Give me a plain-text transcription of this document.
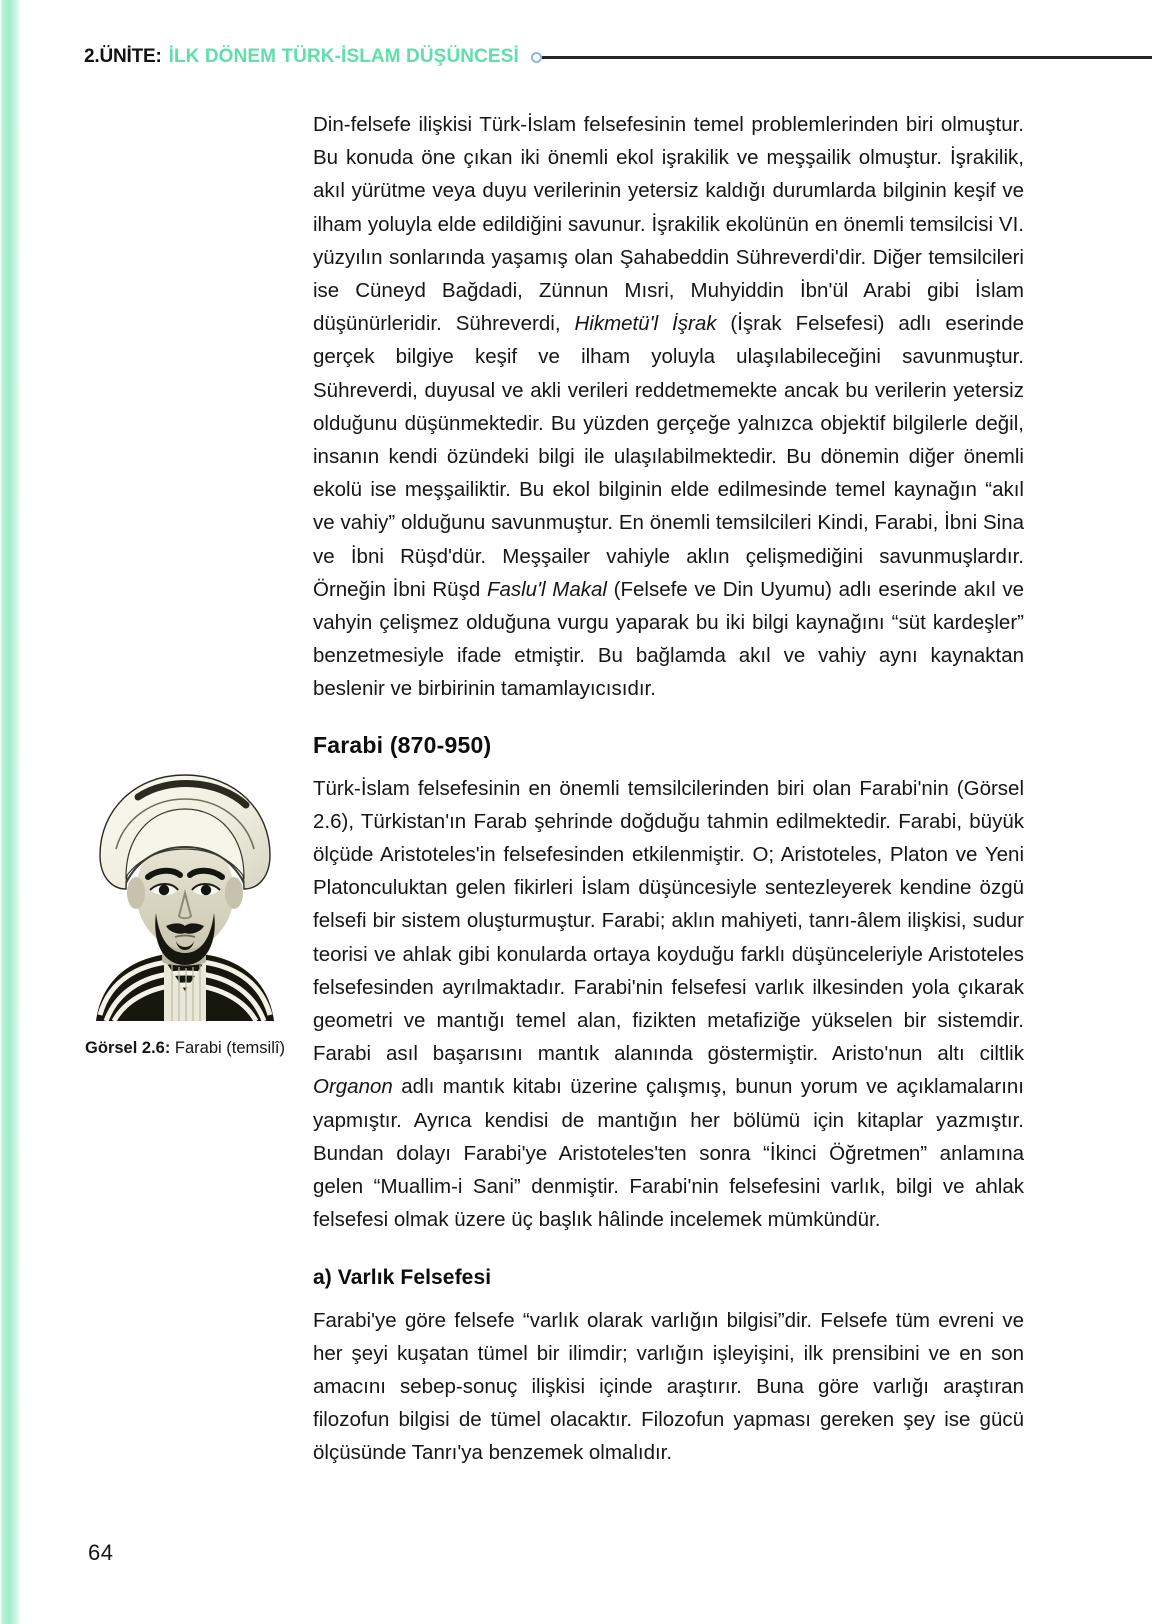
2.ÜNİTE: İLK DÖNEM TÜRK-İSLAM DÜŞÜNCESİ
Görsel 2.6: Farabi (temsilî)

Din-felsefe ilişkisi Türk-İslam felsefesinin temel problemlerinden biri olmuştur. Bu konuda öne çıkan iki önemli ekol işrakilik ve meşşailik olmuştur. İşrakilik, akıl yürütme veya duyu verilerinin yetersiz kaldığı durumlarda bilginin keşif ve ilham yoluyla elde edildiğini savunur. İşrakilik ekolünün en önemli temsilcisi VI. yüzyılın sonlarında yaşamış olan Şahabeddin Sühreverdi'dir. Diğer temsilcileri ise Cüneyd Bağdadi, Zünnun Mısri, Muhyiddin İbn'ül Arabi gibi İslam düşünürleridir. Sühreverdi, Hikmetü'l İşrak (İşrak Felsefesi) adlı eserinde gerçek bilgiye keşif ve ilham yoluyla ulaşılabileceğini savunmuştur. Sühreverdi, duyusal ve akli verileri reddetmemekte ancak bu verilerin yetersiz olduğunu düşünmektedir. Bu yüzden gerçeğe yalnızca objektif bilgilerle değil, insanın kendi özündeki bilgi ile ulaşılabilmektedir. Bu dönemin diğer önemli ekolü ise meşşailiktir. Bu ekol bilginin elde edilmesinde temel kaynağın “akıl ve vahiy” olduğunu savunmuştur. En önemli temsilcileri Kindi, Farabi, İbni Sina ve İbni Rüşd'dür. Meşşailer vahiyle aklın çelişmediğini savunmuşlardır. Örneğin İbni Rüşd Faslu'l Makal (Felsefe ve Din Uyumu) adlı eserinde akıl ve vahyin çelişmez olduğuna vurgu yaparak bu iki bilgi kaynağını “süt kardeşler” benzetmesiyle ifade etmiştir. Bu bağlamda akıl ve vahiy aynı kaynaktan beslenir ve birbirinin tamamlayıcısıdır.

Farabi (870-950)

Türk-İslam felsefesinin en önemli temsilcilerinden biri olan Farabi'nin (Görsel 2.6), Türkistan'ın Farab şehrinde doğduğu tahmin edilmektedir. Farabi, büyük ölçüde Aristoteles'in felsefesinden etkilenmiştir. O; Aristoteles, Platon ve Yeni Platonculuktan gelen fikirleri İslam düşüncesiyle sentezleyerek kendine özgü felsefi bir sistem oluşturmuştur. Farabi; aklın mahiyeti, tanrı-âlem ilişkisi, sudur teorisi ve ahlak gibi konularda ortaya koyduğu farklı düşünceleriyle Aristoteles felsefesinden ayrılmaktadır. Farabi'nin felsefesi varlık ilkesinden yola çıkarak geometri ve mantığı temel alan, fizikten metafiziğe yükselen bir sistemdir. Farabi asıl başarısını mantık alanında göstermiştir. Aristo'nun altı ciltlik Organon adlı mantık kitabı üzerine çalışmış, bunun yorum ve açıklamalarını yapmıştır. Ayrıca kendisi de mantığın her bölümü için kitaplar yazmıştır. Bundan dolayı Farabi'ye Aristoteles'ten sonra “İkinci Öğretmen” anlamına gelen “Muallim-i Sani” denmiştir. Farabi'nin felsefesini varlık, bilgi ve ahlak felsefesi olmak üzere üç başlık hâlinde incelemek mümkündür.

a) Varlık Felsefesi

Farabi'ye göre felsefe “varlık olarak varlığın bilgisi”dir. Felsefe tüm evreni ve her şeyi kuşatan tümel bir ilimdir; varlığın işleyişini, ilk prensibini ve en son amacını sebep-sonuç ilişkisi içinde araştırır. Buna göre varlığı araştıran filozofun bilgisi de tümel olacaktır. Filozofun yapması gereken şey ise gücü ölçüsünde Tanrı'ya benzemek olmalıdır.

64
